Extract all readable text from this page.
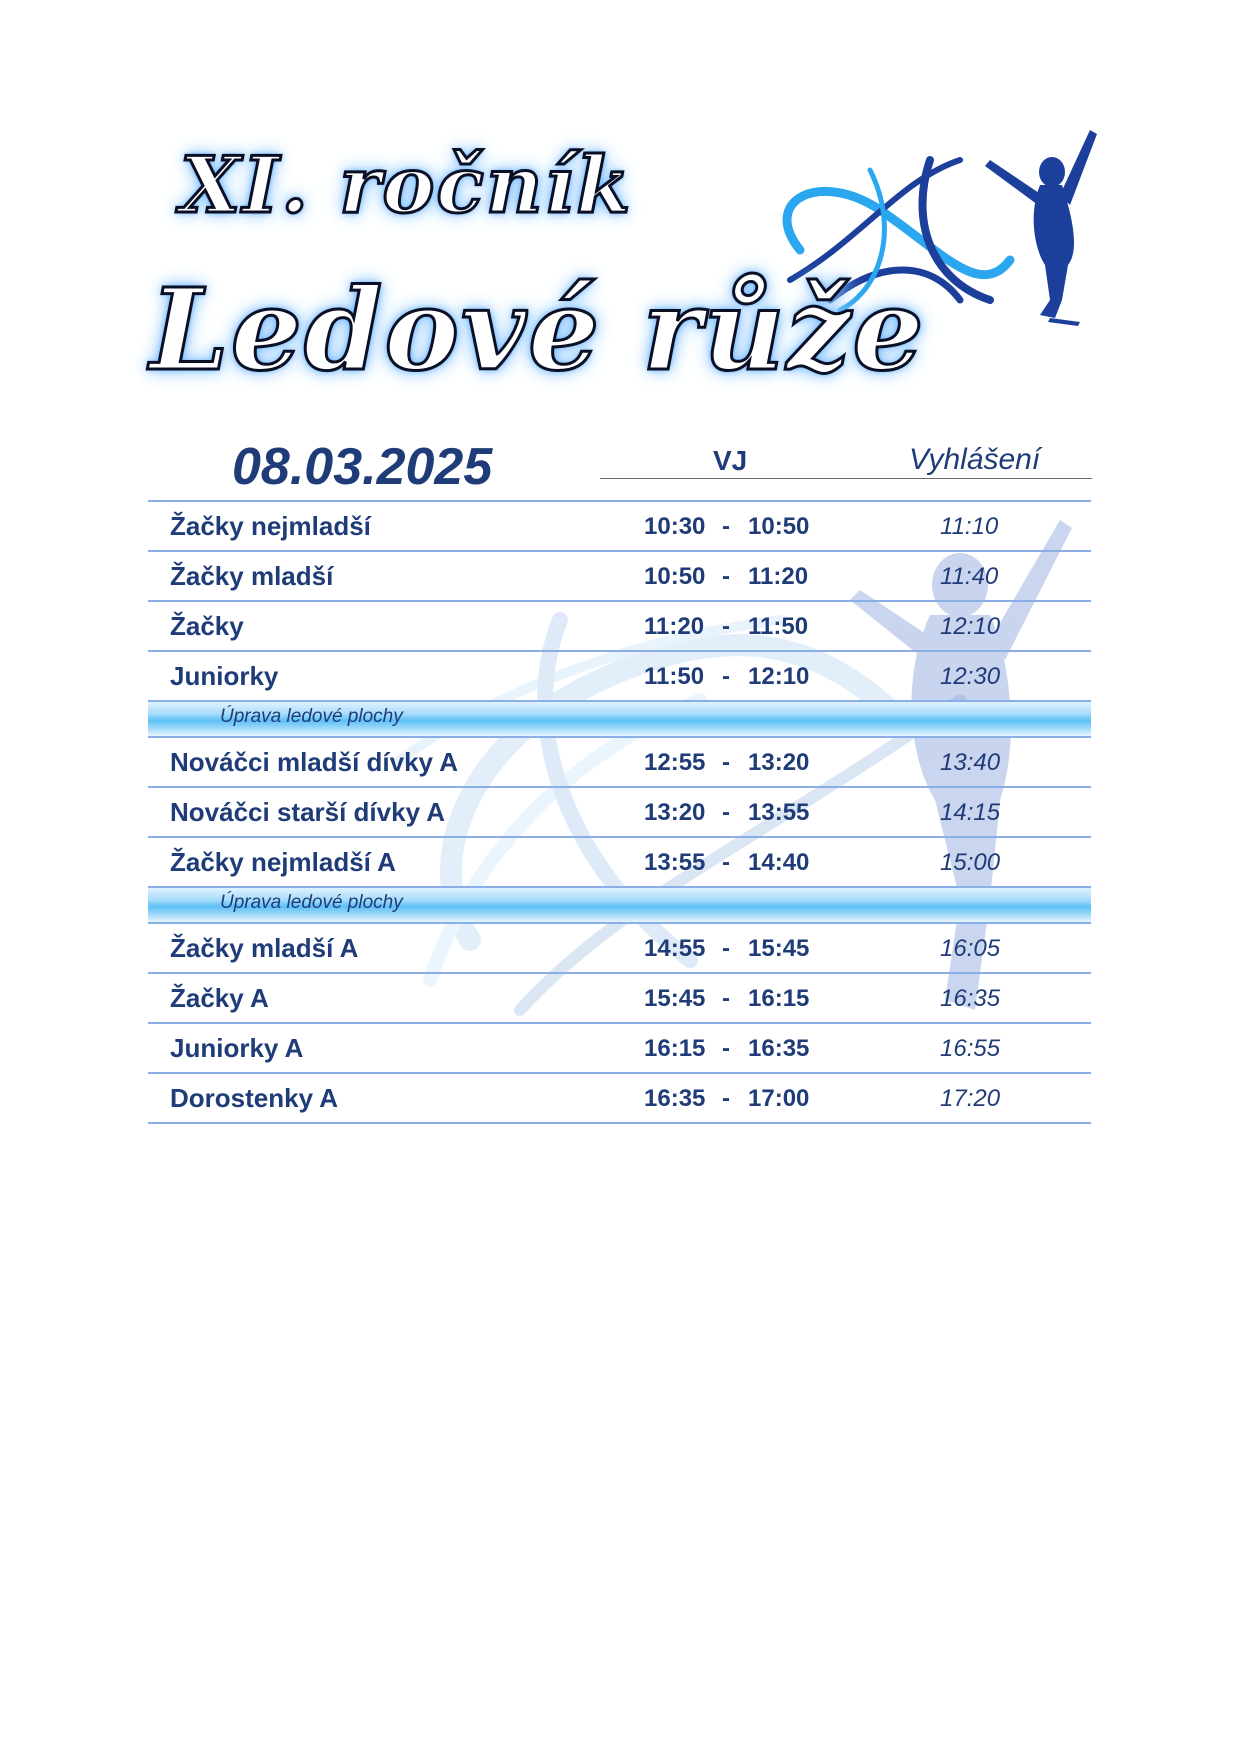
XI. ročník
Ledové růže
08.03.2025	VJ	Vyhlášení
Žačky nejmladší	10:30 - 10:50	11:10
Žačky mladší	10:50 - 11:20	11:40
Žačky	11:20 - 11:50	12:10
Juniorky	11:50 - 12:10	12:30
Úprava ledové plochy
Nováčci mladší dívky A	12:55 - 13:20	13:40
Nováčci starší dívky A	13:20 - 13:55	14:15
Žačky nejmladší A	13:55 - 14:40	15:00
Úprava ledové plochy
Žačky mladší A	14:55 - 15:45	16:05
Žačky A	15:45 - 16:15	16:35
Juniorky A	16:15 - 16:35	16:55
Dorostenky A	16:35 - 17:00	17:20
